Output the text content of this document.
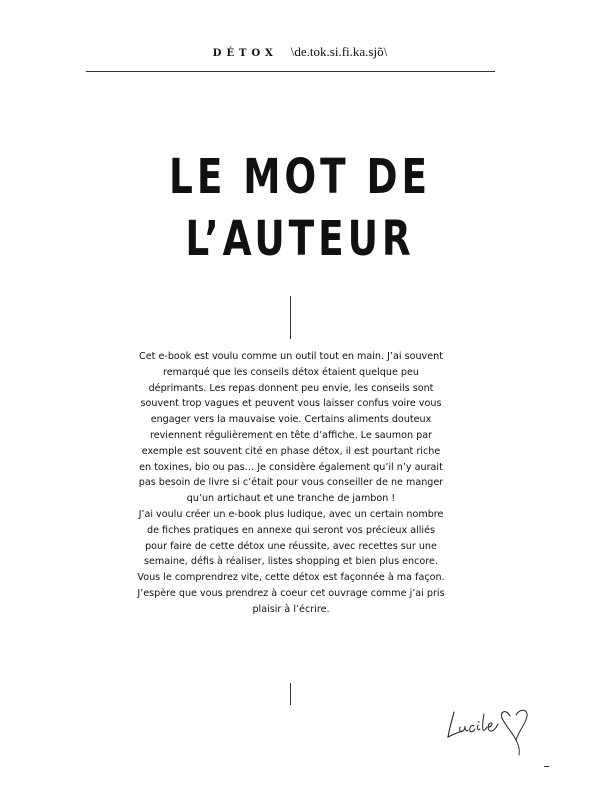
DÉTOX \de.tok.si.fi.ka.sjõ\
LE MOT DE
L’AUTEUR

Cet e-book est voulu comme un outil tout en main. J’ai souvent remarqué que les conseils détox étaient quelque peu déprimants. Les repas donnent peu envie, les conseils sont souvent trop vagues et peuvent vous laisser confus voire vous engager vers la mauvaise voie. Certains aliments douteux reviennent régulièrement en tête d’affiche. Le saumon par exemple est souvent cité en phase détox, il est pourtant riche en toxines, bio ou pas… Je considère également qu’il n’y aurait pas besoin de livre si c’était pour vous conseiller de ne manger qu’un artichaut et une tranche de jambon !

J’ai voulu créer un e-book plus ludique, avec un certain nombre de fiches pratiques en annexe qui seront vos précieux alliés pour faire de cette détox une réussite, avec recettes sur une semaine, défis à réaliser, listes shopping et bien plus encore.

Vous le comprendrez vite, cette détox est façonnée à ma façon.

J’espère que vous prendrez à coeur cet ouvrage comme j’ai pris plaisir à l’écrire.

Lucile
